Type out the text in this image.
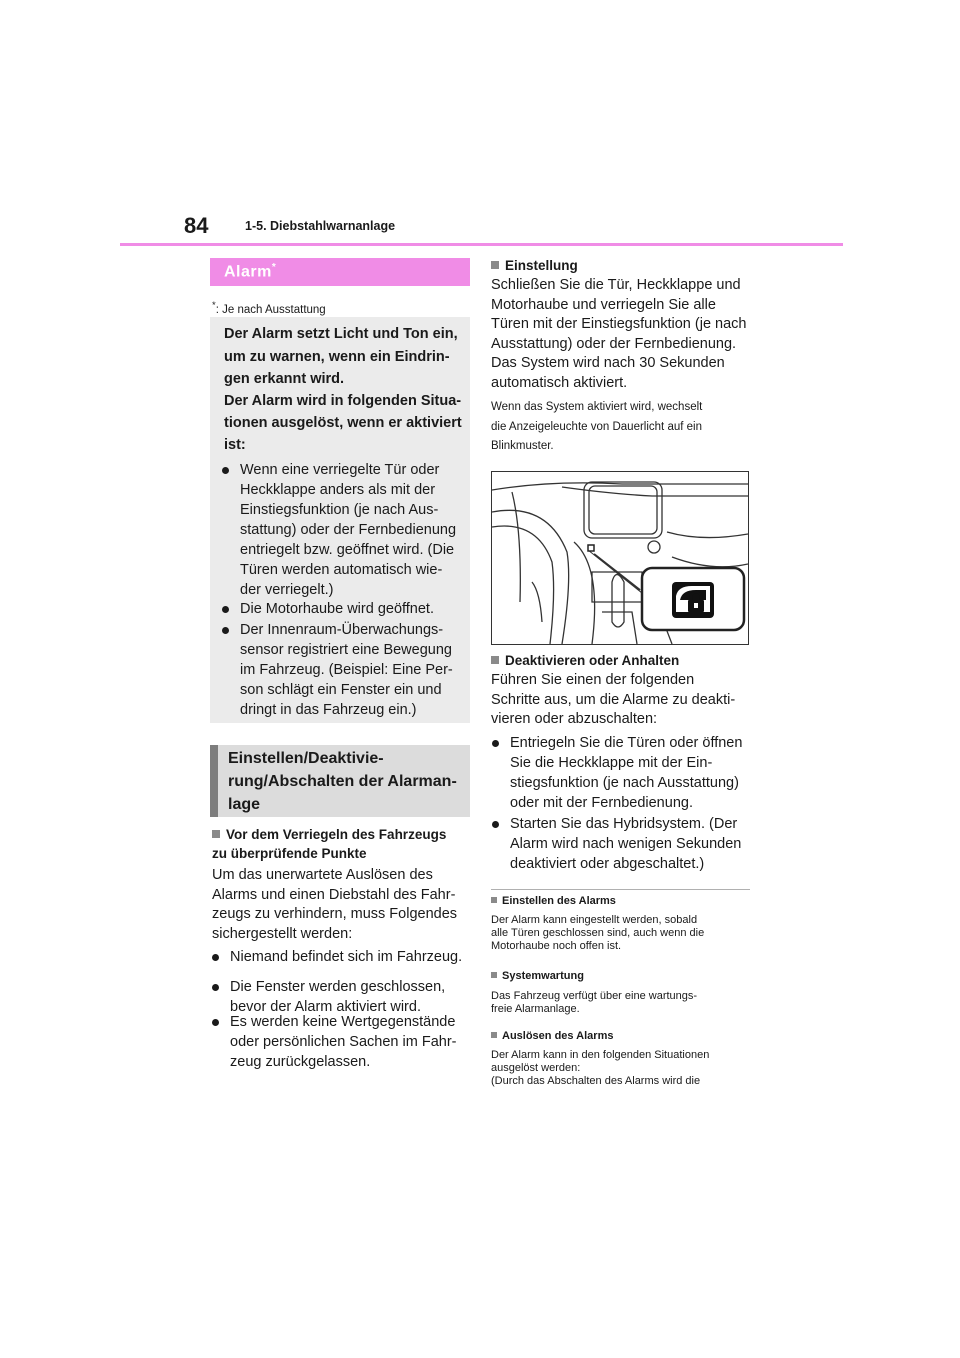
84	1-5. Diebstahlwarnanlage
Alarm*
*: Je nach Ausstattung
Der Alarm setzt Licht und Ton ein,
um zu warnen, wenn ein Eindrin-
gen erkannt wird.
Der Alarm wird in folgenden Situa-
tionen ausgelöst, wenn er aktiviert
ist:
Wenn eine verriegelte Tür oder
Heckklappe anders als mit der
Einstiegsfunktion (je nach Aus-
stattung) oder der Fernbedienung
entriegelt bzw. geöffnet wird. (Die
Türen werden automatisch wie-
der verriegelt.)
Die Motorhaube wird geöffnet.
Der Innenraum-Überwachungs-
sensor registriert eine Bewegung
im Fahrzeug. (Beispiel: Eine Per-
son schlägt ein Fenster ein und
dringt in das Fahrzeug ein.)
Einstellen/Deaktivie-
rung/Abschalten der Alarman-
lage
Vor dem Verriegeln des Fahrzeugs
zu überprüfende Punkte
Um das unerwartete Auslösen des
Alarms und einen Diebstahl des Fahr-
zeugs zu verhindern, muss Folgendes
sichergestellt werden:
Niemand befindet sich im Fahrzeug.
Die Fenster werden geschlossen,
bevor der Alarm aktiviert wird.
Es werden keine Wertgegenstände
oder persönlichen Sachen im Fahr-
zeug zurückgelassen.
Einstellung
Schließen Sie die Tür, Heckklappe und
Motorhaube und verriegeln Sie alle
Türen mit der Einstiegsfunktion (je nach
Ausstattung) oder der Fernbedienung.
Das System wird nach 30 Sekunden
automatisch aktiviert.
Wenn das System aktiviert wird, wechselt
die Anzeigeleuchte von Dauerlicht auf ein
Blinkmuster.
Deaktivieren oder Anhalten
Führen Sie einen der folgenden
Schritte aus, um die Alarme zu deakti-
vieren oder abzuschalten:
Entriegeln Sie die Türen oder öffnen
Sie die Heckklappe mit der Ein-
stiegsfunktion (je nach Ausstattung)
oder mit der Fernbedienung.
Starten Sie das Hybridsystem. (Der
Alarm wird nach wenigen Sekunden
deaktiviert oder abgeschaltet.)
Einstellen des Alarms
Der Alarm kann eingestellt werden, sobald
alle Türen geschlossen sind, auch wenn die
Motorhaube noch offen ist.
Systemwartung
Das Fahrzeug verfügt über eine wartungs-
freie Alarmanlage.
Auslösen des Alarms
Der Alarm kann in den folgenden Situationen
ausgelöst werden:
(Durch das Abschalten des Alarms wird die
